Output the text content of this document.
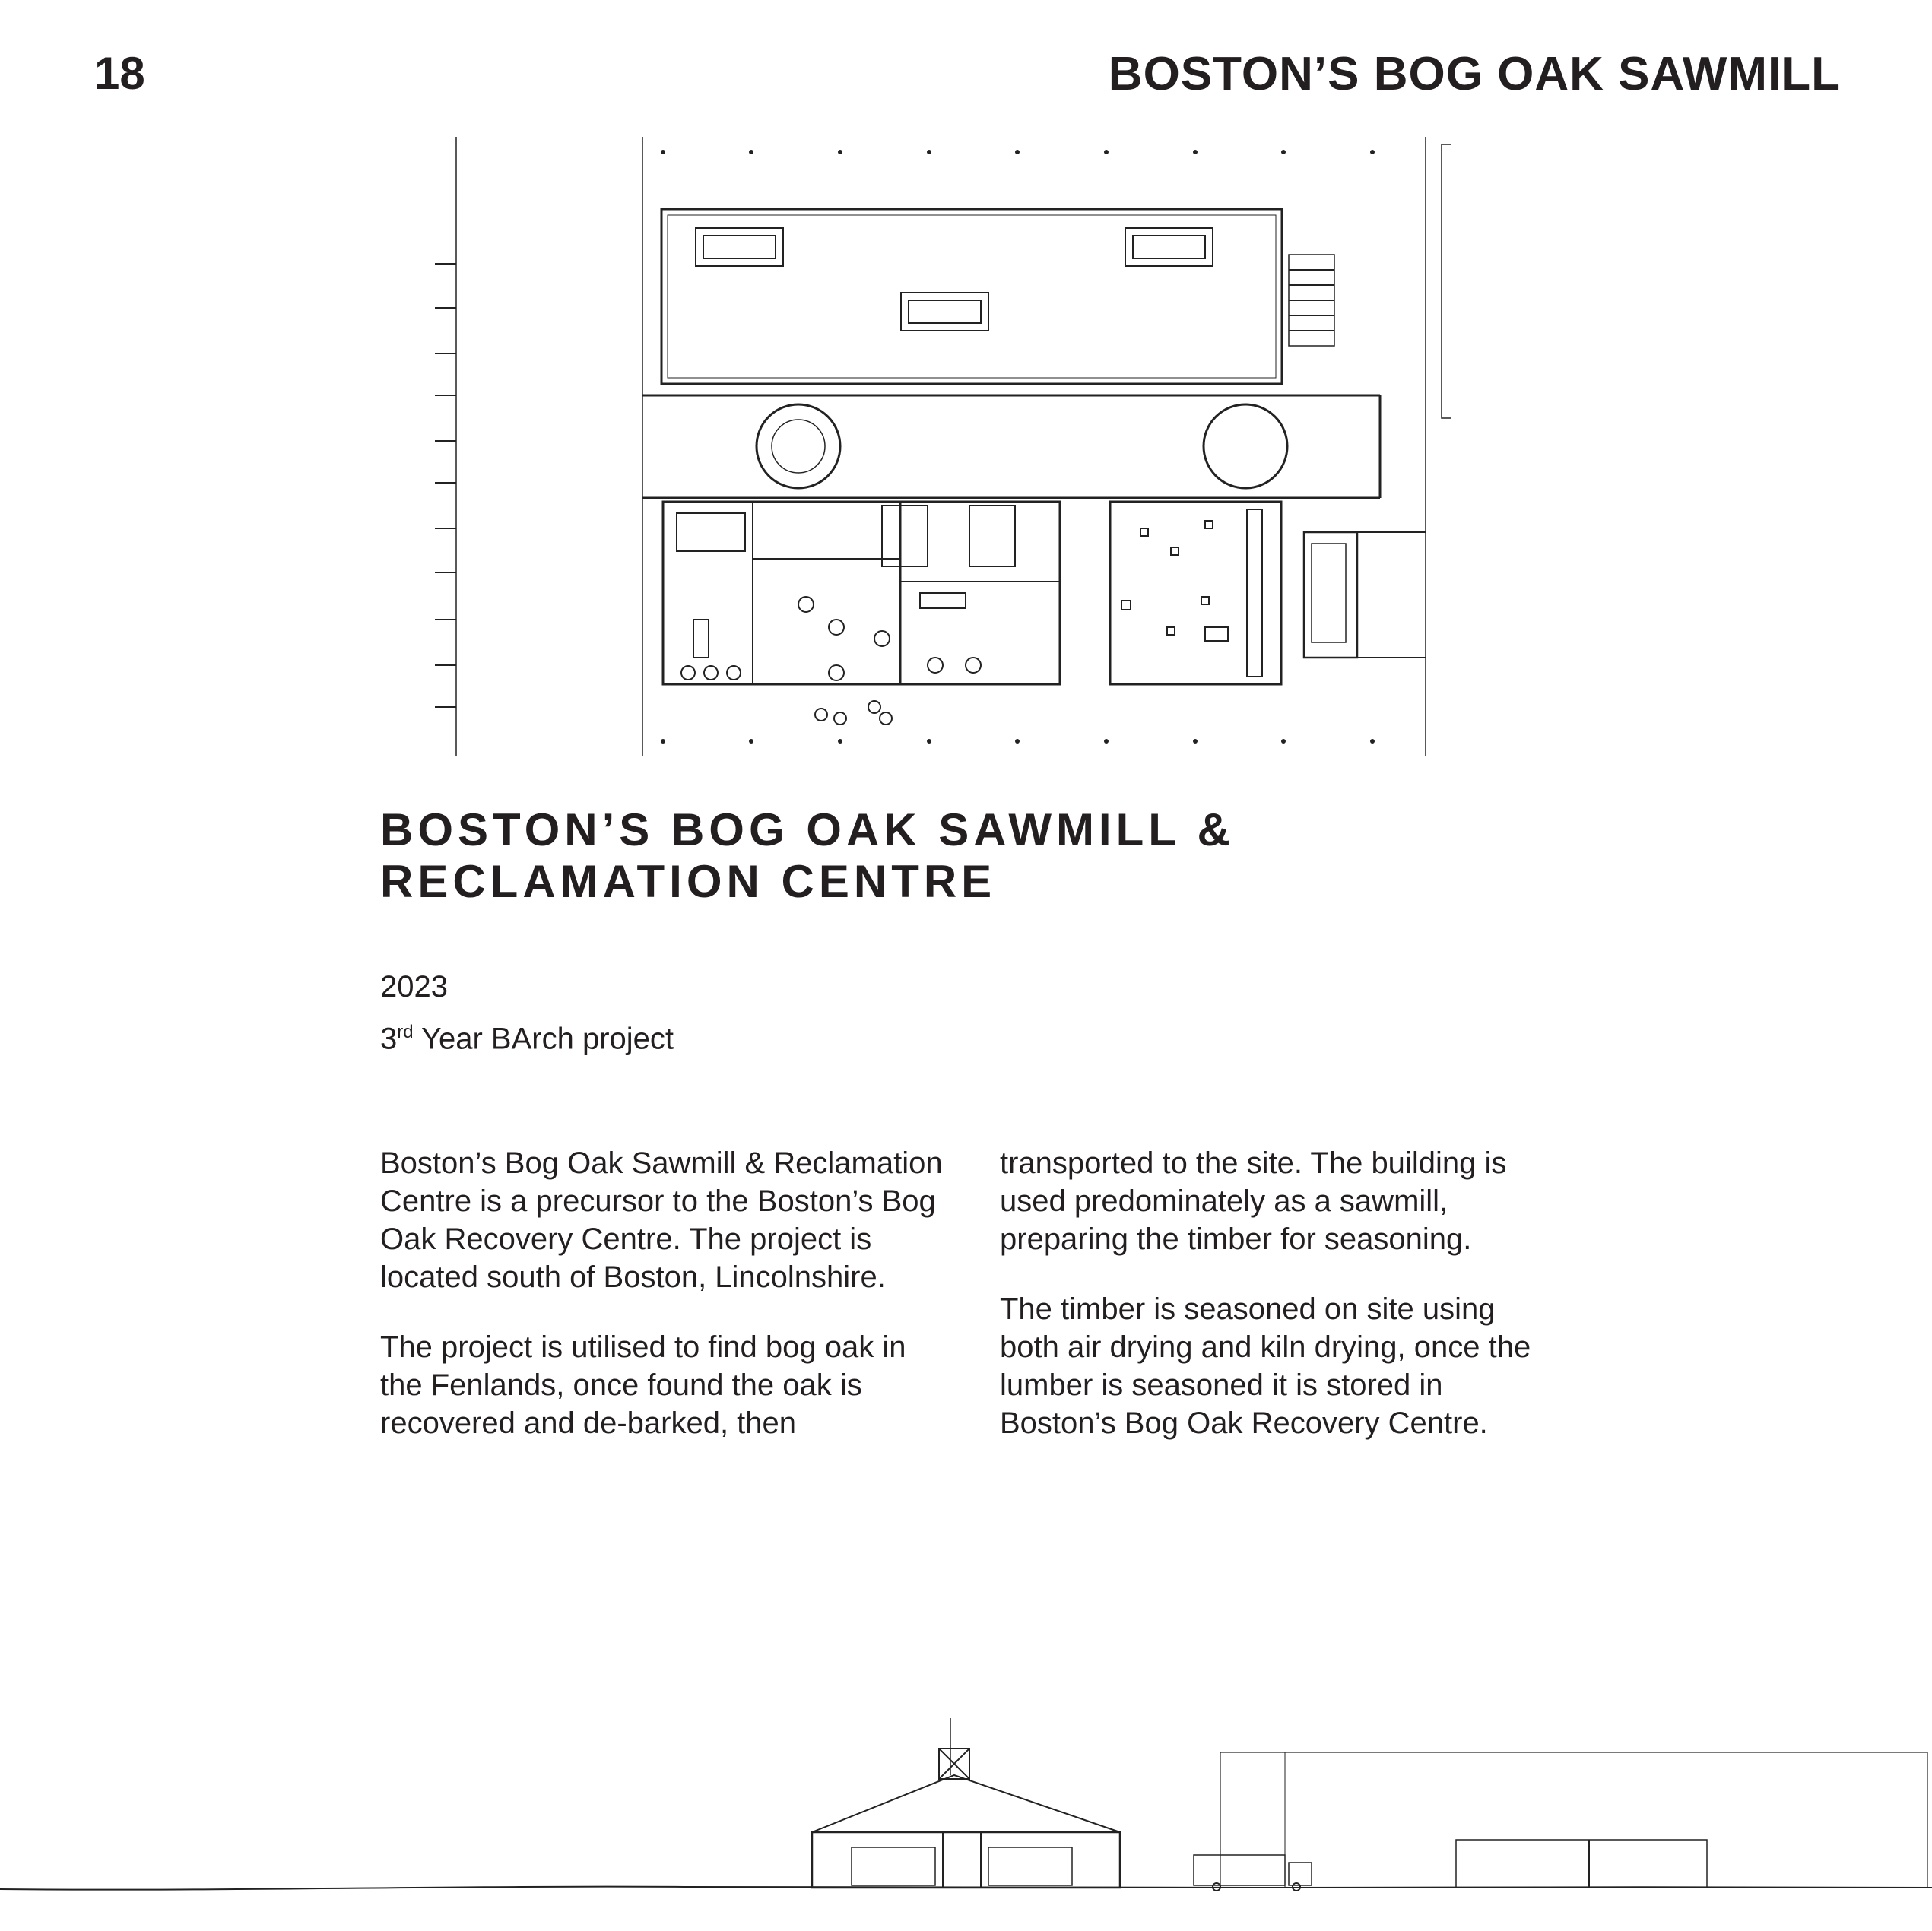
18	BOSTON’S BOG OAK SAWMILL
BOSTON’S BOG OAK SAWMILL &
RECLAMATION CENTRE
2023
3rd Year BArch project

Boston’s Bog Oak Sawmill & Reclamation Centre is a precursor to the Boston’s Bog Oak Recovery Centre. The project is located south of Boston, Lincolnshire.

The project is utilised to find bog oak in the Fenlands, once found the oak is recovered and de-barked, then

transported to the site. The building is used predominately as a sawmill, preparing the timber for seasoning.

The timber is seasoned on site using both air drying and kiln drying, once the lumber is seasoned it is stored in Boston’s Bog Oak Recovery Centre.
